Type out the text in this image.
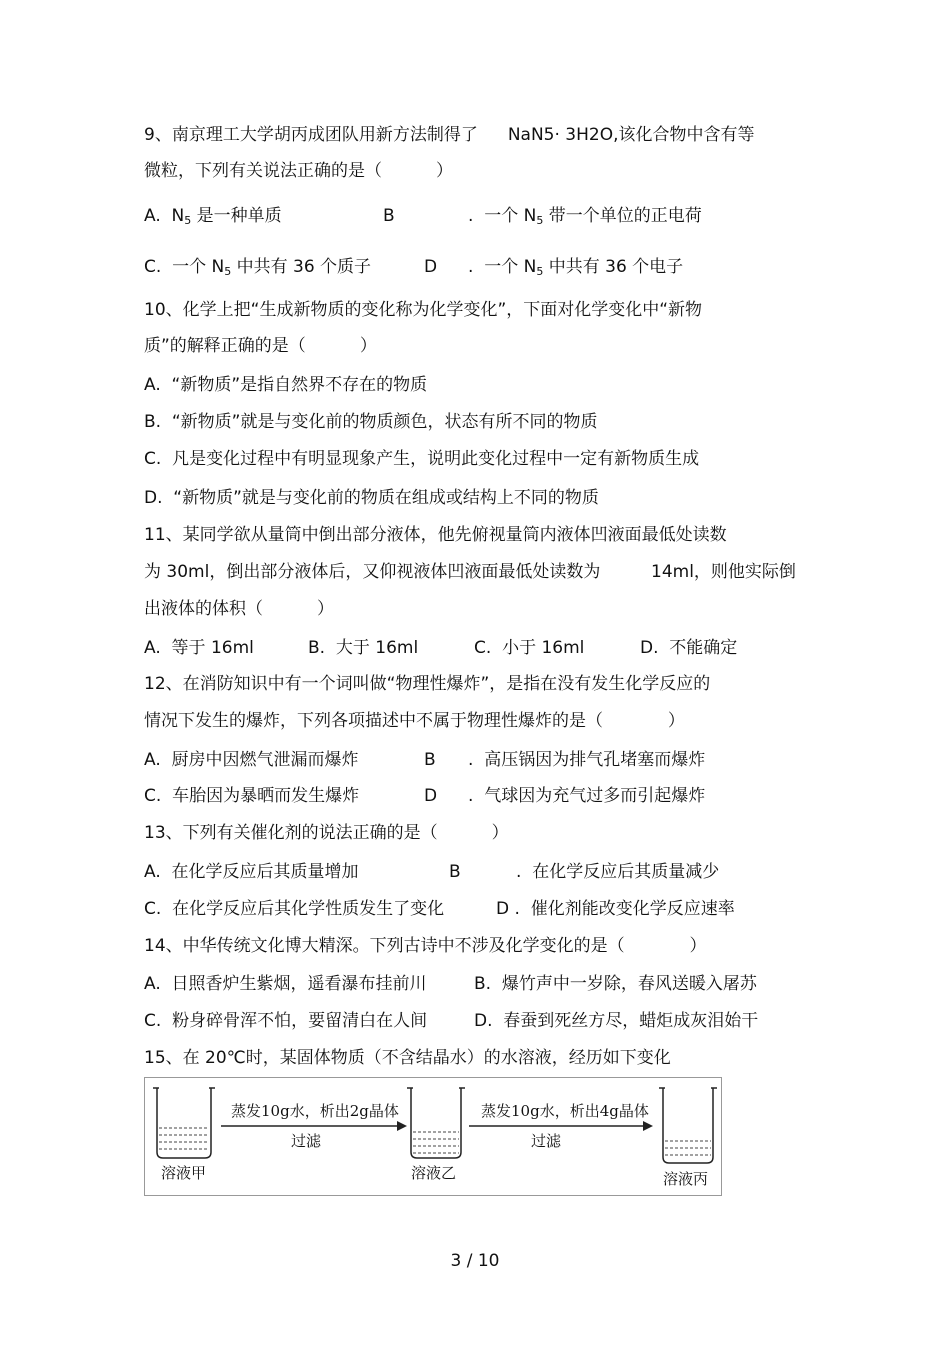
9、南京理工大学胡丙成团队用新方法制得了 NaN5· 3H2O,该化合物中含有等
微粒，下列有关说法正确的是（          ）
A.  $N_5$ 是一种单质	B	.  一个 $N_5$ 带一个单位的正电荷
C.  一个 $N_5$ 中共有 36 个质子	D .  一个 $N_5$ 中共有 36 个电子
10、化学上把“生成新物质的变化称为化学变化”，下面对化学变化中“新物
质”的解释正确的是（          ）
A.  “新物质”是指自然界不存在的物质
B.  “新物质”就是与变化前的物质颜色，状态有所不同的物质
C.  凡是变化过程中有明显现象产生，说明此变化过程中一定有新物质生成
D.  “新物质”就是与变化前的物质在组成或结构上不同的物质
11、某同学欲从量筒中倒出部分液体，他先俯视量筒内液体凹液面最低处读数
为 30ml，倒出部分液体后，又仰视液体凹液面最低处读数为	14ml，则他实际倒
出液体的体积（          ）
A.  等于 16ml	B.  大于 16ml	C.  小于 16ml	D.  不能确定
12、在消防知识中有一个词叫做“物理性爆炸”，是指在没有发生化学反应的
情况下发生的爆炸，下列各项描述中不属于物理性爆炸的是（            ）
A.  厨房中因燃气泄漏而爆炸	B .  高压锅因为排气孔堵塞而爆炸
C.  车胎因为暴晒而发生爆炸	D .  气球因为充气过多而引起爆炸
13、下列有关催化剂的说法正确的是（          ）
A.  在化学反应后其质量增加	B	.  在化学反应后其质量减少
C.  在化学反应后其化学性质发生了变化	D .  催化剂能改变化学反应速率
14、中华传统文化博大精深。下列古诗中不涉及化学变化的是（            ）
A.  日照香炉生紫烟，遥看瀑布挂前川	B.  爆竹声中一岁除，春风送暖入屠苏
C.  粉身碎骨浑不怕，要留清白在人间	D.  春蚕到死丝方尽，蜡炬成灰泪始干
15、在 20℃时，某固体物质（不含结晶水）的水溶液，经历如下变化
溶液甲	溶液乙	溶液丙
蒸发10g水，析出2g晶体
过滤
蒸发10g水，析出4g晶体
过滤
3 / 10
